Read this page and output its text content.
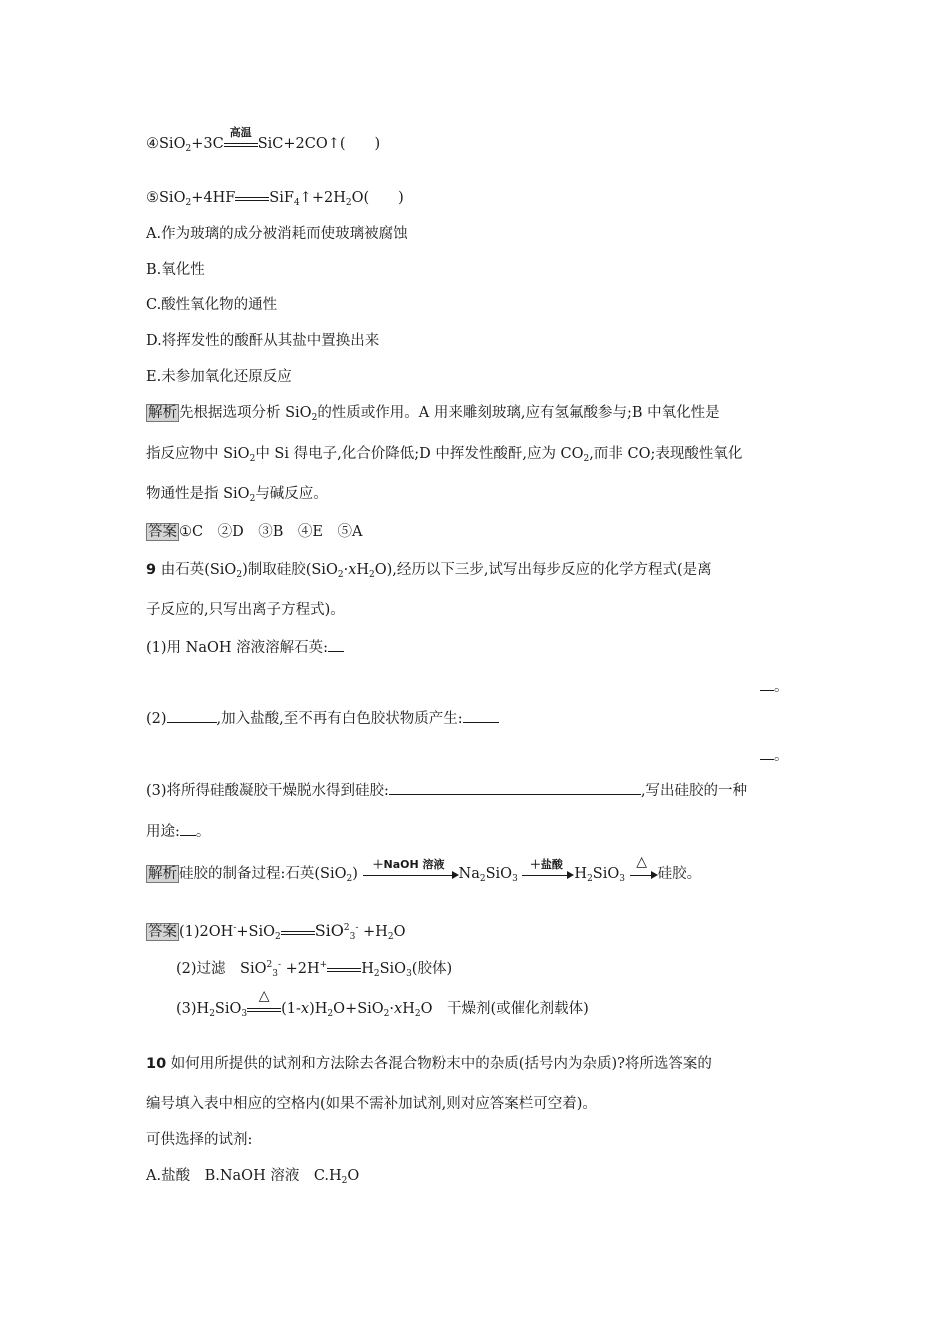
④SiO$_2$+3C
高温
SiC+2CO↑(　　)
⑤SiO$_2$+4HF $SiF_4↑+2H_2O$(　　)
A.作为玻璃的成分被消耗而使玻璃被腐蚀
B.氧化性
C.酸性氧化物的通性
D.将挥发性的酸酐从其盐中置换出来
E.未参加氧化还原反应
解析 先根据选项分析 SiO$_2$的性质或作用。A 用来雕刻玻璃,应有氢氟酸参与;B 中氧化性是
指反应物中 SiO$_2$中 Si 得电子,化合价降低;D 中挥发性酸酐,应为 $CO_2$,而非 CO;表现酸性氧化
物通性是指 SiO$_2$与碱反应。
答案 ①C　②D　③B　④E　⑤A
9 由石英(SiO$_2$)制取硅胶$(SiO_2\cdot xH_2O)$,经历以下三步,试写出每步反应的化学方程式(是离
子反应的,只写出离子方程式)。
(1)用 NaOH 溶液溶解石英:
。
(2)	,加入盐酸,至不再有白色胶状物质产生:
。
(3)将所得硅酸凝胶干燥脱水得到硅胶:	,写出硅胶的一种
用途: 。
解析 硅胶的制备过程:石英(SiO$_2$)
＋NaOH 溶液
$Na_2SiO_3$
＋盐酸
$H_2SiO_3$
△
硅胶。
答案 (1)2OH-+SiO$_2$ $SiO^2_3^- +H_2O$
(2)过滤　SiO$^2_3$- +2H+ $H_2SiO_3$(胶体)
$(3)H_2SiO_3$
△
$(1-x)H_2O+SiO_2\cdot xH_2O$　干燥剂(或催化剂载体)
10 如何用所提供的试剂和方法除去各混合物粉末中的杂质(括号内为杂质)?将所选答案的
编号填入表中相应的空格内(如果不需补加试剂,则对应答案栏可空着)。
可供选择的试剂:
A.盐酸　B.NaOH 溶液　$C.H_2O$
